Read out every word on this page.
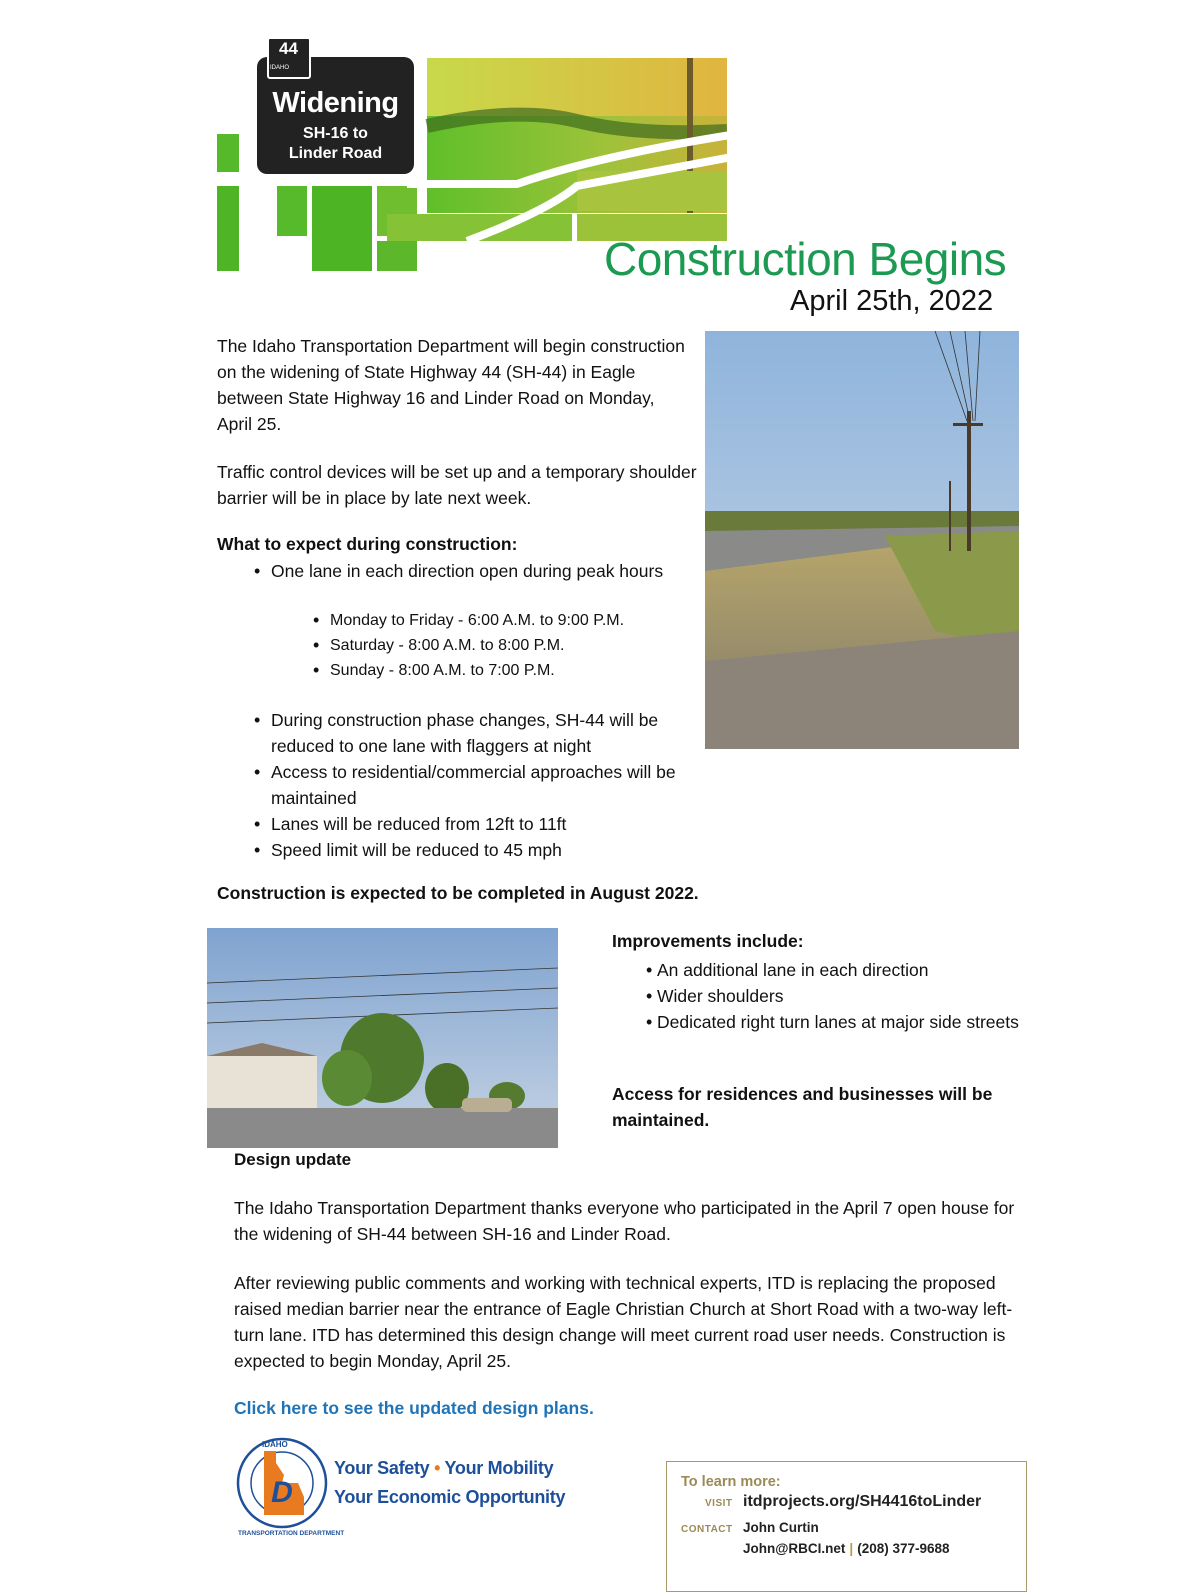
44
IDAHO
Widening
SH-16 to
Linder Road
Construction Begins
April 25th, 2022

The Idaho Transportation Department will begin construction on the widening of State Highway 44 (SH-44) in Eagle between State Highway 16 and Linder Road on Monday, April 25.

Traffic control devices will be set up and a temporary shoulder barrier will be in place by late next week.

What to expect during construction:
• One lane in each direction open during peak hours
• Monday to Friday - 6:00 A.M. to 9:00 P.M.
• Saturday - 8:00 A.M. to 8:00 P.M.
• Sunday - 8:00 A.M. to 7:00 P.M.
• During construction phase changes, SH-44 will be reduced to one lane with flaggers at night
• Access to residential/commercial approaches will be maintained
• Lanes will be reduced from 12ft to 11ft
• Speed limit will be reduced to 45 mph
Construction is expected to be completed in August 2022.
Improvements include:
• An additional lane in each direction
• Wider shoulders
• Dedicated right turn lanes at major side streets
Access for residences and businesses will be maintained.
Design update

The Idaho Transportation Department thanks everyone who participated in the April 7 open house for the widening of SH-44 between SH-16 and Linder Road.

After reviewing public comments and working with technical experts, ITD is replacing the proposed raised median barrier near the entrance of Eagle Christian Church at Short Road with a two-way left-turn lane. ITD has determined this design change will meet current road user needs. Construction is expected to begin Monday, April 25.

Click here to see the updated design plans.
D
IDAHO
TRANSPORTATION DEPARTMENT
Your Safety • Your Mobility
Your Economic Opportunity
To learn more:
VISIT itdprojects.org/SH4416toLinder
CONTACT John Curtin
John@RBCI.net | (208) 377-9688
